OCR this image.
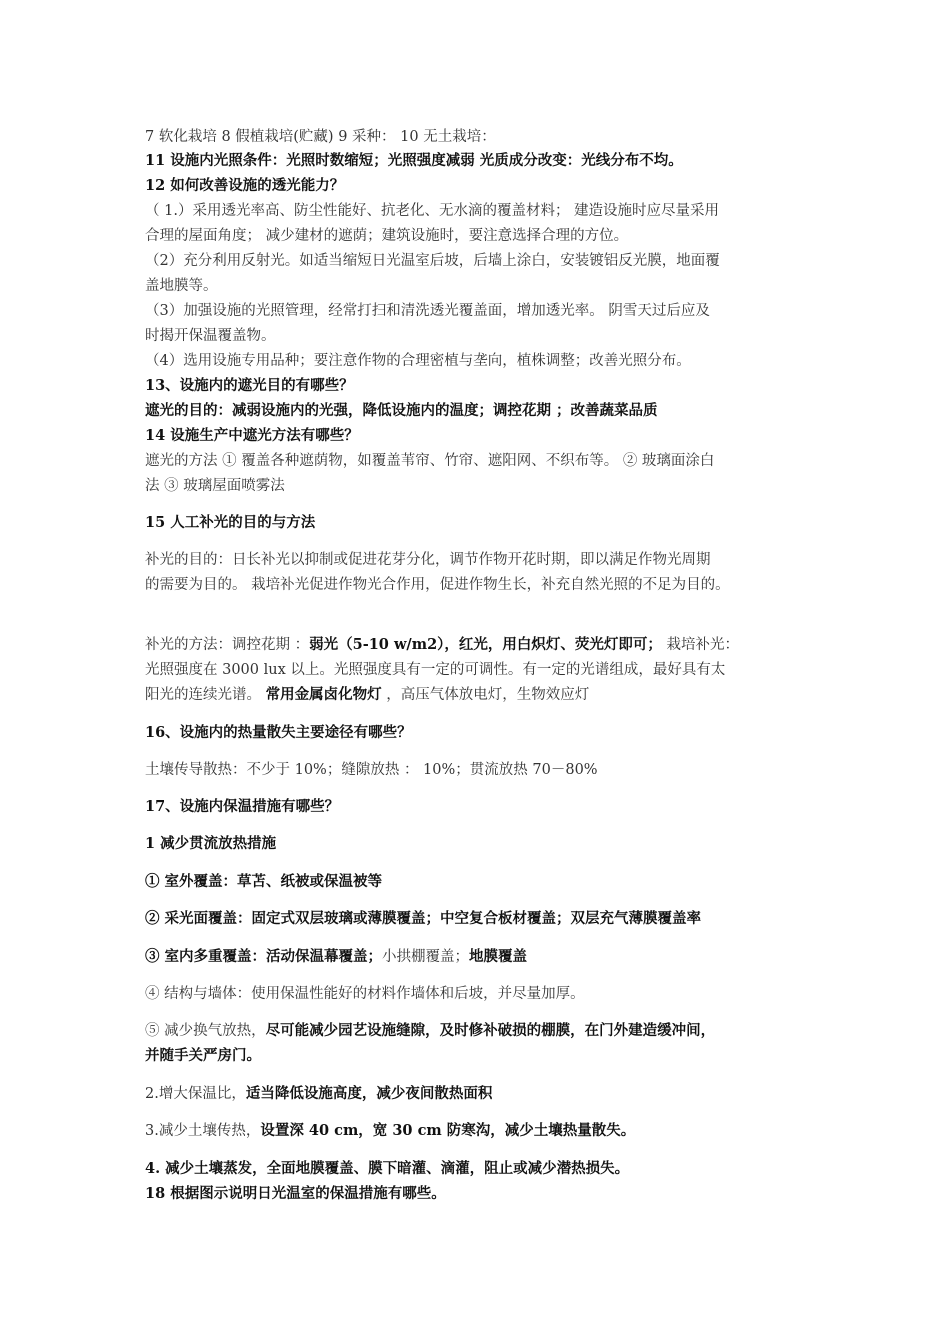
7 软化栽培 8 假植栽培(贮藏) 9 采种： 10 无土栽培：
11 设施内光照条件：光照时数缩短；光照强度减弱 光质成分改变：光线分布不均。
12 如何改善设施的透光能力？
（ 1.）采用透光率高、防尘性能好、抗老化、无水滴的覆盖材料； 建造设施时应尽量采用
合理的屋面角度； 减少建材的遮荫；建筑设施时，要注意选择合理的方位。
（2）充分利用反射光。如适当缩短日光温室后坡，后墙上涂白，安装镀铝反光膜，地面覆
盖地膜等。
（3）加强设施的光照管理，经常打扫和清洗透光覆盖面，增加透光率。 阴雪天过后应及
时揭开保温覆盖物。
（4）选用设施专用品种；要注意作物的合理密植与垄向，植株调整；改善光照分布。
13、设施内的遮光目的有哪些？
遮光的目的：减弱设施内的光强，降低设施内的温度；调控花期 ；改善蔬菜品质
14 设施生产中遮光方法有哪些？
遮光的方法 ① 覆盖各种遮荫物，如覆盖苇帘、竹帘、遮阳网、不织布等。 ② 玻璃面涂白
法 ③ 玻璃屋面喷雾法
15 人工补光的目的与方法
补光的目的：日长补光以抑制或促进花芽分化，调节作物开花时期，即以满足作物光周期
的需要为目的。 栽培补光促进作物光合作用，促进作物生长，补充自然光照的不足为目的。
补光的方法：调控花期 ：弱光（5-10 w/m2），红光，用白炽灯、荧光灯即可； 栽培补光：
光照强度在 3000 lux 以上。光照强度具有一定的可调性。有一定的光谱组成，最好具有太
阳光的连续光谱。 常用金属卤化物灯 ，高压气体放电灯，生物效应灯
16、设施内的热量散失主要途径有哪些？
土壤传导散热：不少于 10%；缝隙放热 ： 10%；贯流放热 70－80%
17、设施内保温措施有哪些？
1 减少贯流放热措施
① 室外覆盖：草苫、纸被或保温被等
② 采光面覆盖：固定式双层玻璃或薄膜覆盖；中空复合板材覆盖；双层充气薄膜覆盖率
③ 室内多重覆盖：活动保温幕覆盖；小拱棚覆盖；地膜覆盖
④ 结构与墙体：使用保温性能好的材料作墙体和后坡，并尽量加厚。
⑤ 减少换气放热，尽可能减少园艺设施缝隙，及时修补破损的棚膜，在门外建造缓冲间，
并随手关严房门。
2.增大保温比，适当降低设施高度，减少夜间散热面积
3.减少土壤传热，设置深 40 cm，宽 30 cm 防寒沟，减少土壤热量散失。
4. 减少土壤蒸发，全面地膜覆盖、膜下暗灌、滴灌，阻止或减少潜热损失。
18 根据图示说明日光温室的保温措施有哪些。
